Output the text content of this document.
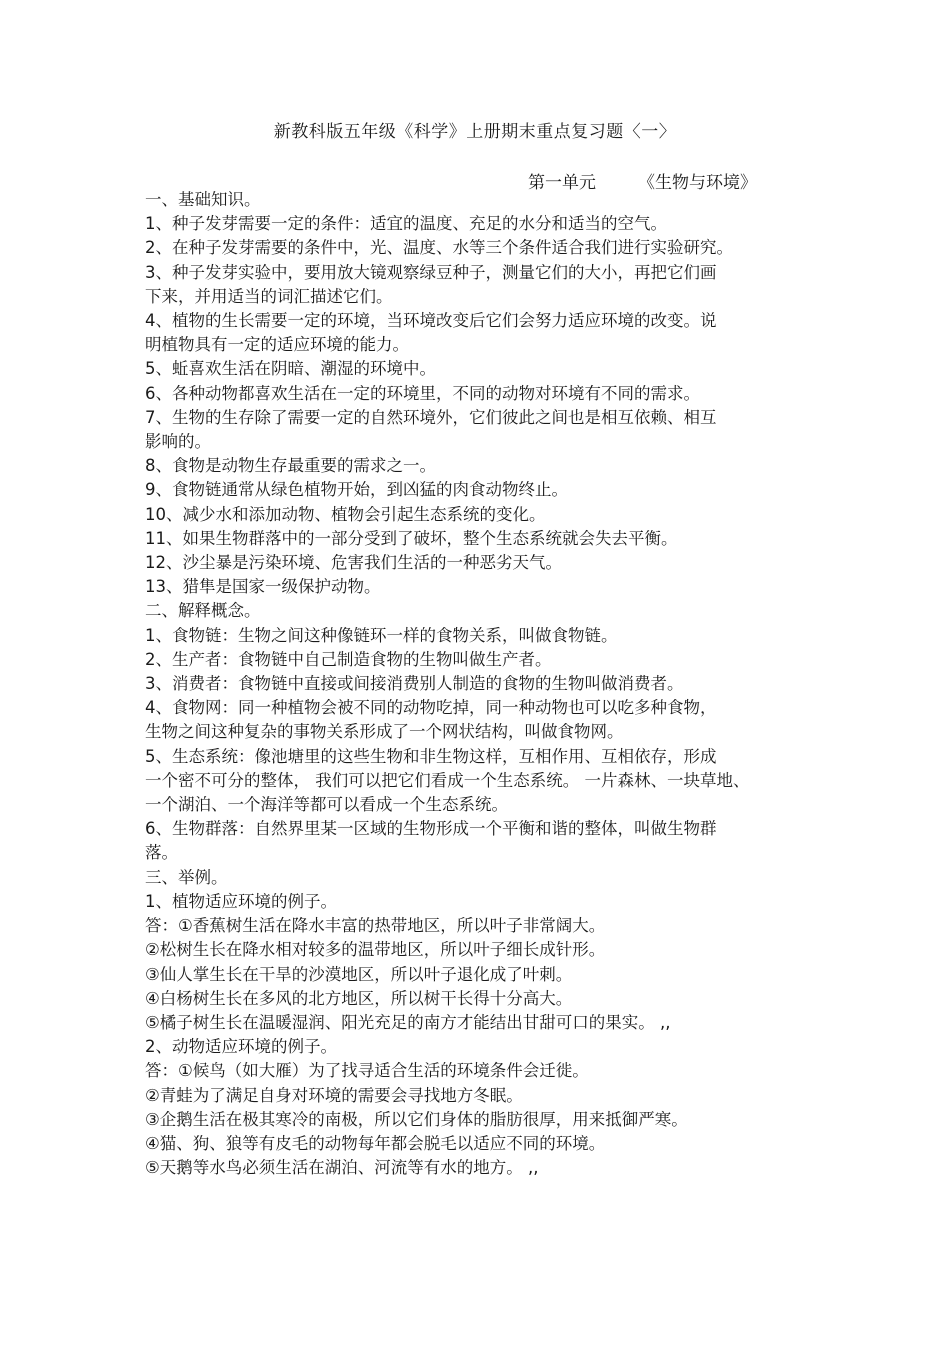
新教科版五年级《科学》上册期末重点复习题〈一〉
第一单元 《生物与环境》
一、基础知识。
1、种子发芽需要一定的条件：适宜的温度、充足的水分和适当的空气。
2、在种子发芽需要的条件中，光、温度、水等三个条件适合我们进行实验研究。
3、种子发芽实验中，要用放大镜观察绿豆种子，测量它们的大小，再把它们画
下来，并用适当的词汇描述它们。
4、植物的生长需要一定的环境，当环境改变后它们会努力适应环境的改变。说
明植物具有一定的适应环境的能力。
5、蚯喜欢生活在阴暗、潮湿的环境中。
6、各种动物都喜欢生活在一定的环境里，不同的动物对环境有不同的需求。
7、生物的生存除了需要一定的自然环境外，它们彼此之间也是相互依赖、相互
影响的。
8、食物是动物生存最重要的需求之一。
9、食物链通常从绿色植物开始，到凶猛的肉食动物终止。
10、减少水和添加动物、植物会引起生态系统的变化。
11、如果生物群落中的一部分受到了破坏，整个生态系统就会失去平衡。
12、沙尘暴是污染环境、危害我们生活的一种恶劣天气。
13、猎隼是国家一级保护动物。
二、解释概念。
1、食物链：生物之间这种像链环一样的食物关系，叫做食物链。
2、生产者：食物链中自己制造食物的生物叫做生产者。
3、消费者：食物链中直接或间接消费别人制造的食物的生物叫做消费者。
4、食物网：同一种植物会被不同的动物吃掉，同一种动物也可以吃多种食物，
生物之间这种复杂的事物关系形成了一个网状结构，叫做食物网。
5、生态系统：像池塘里的这些生物和非生物这样，互相作用、互相依存，形成
一个密不可分的整体， 我们可以把它们看成一个生态系统。 一片森林、一块草地、
一个湖泊、一个海洋等都可以看成一个生态系统。
6、生物群落：自然界里某一区域的生物形成一个平衡和谐的整体，叫做生物群
落。
三、举例。
1、植物适应环境的例子。
答：①香蕉树生活在降水丰富的热带地区，所以叶子非常阔大。
②松树生长在降水相对较多的温带地区，所以叶子细长成针形。
③仙人掌生长在干旱的沙漠地区，所以叶子退化成了叶刺。
④白杨树生长在多风的北方地区，所以树干长得十分高大。
⑤橘子树生长在温暖湿润、阳光充足的南方才能结出甘甜可口的果实。 ,,
2、动物适应环境的例子。
答：①候鸟（如大雁）为了找寻适合生活的环境条件会迁徙。
②青蛙为了满足自身对环境的需要会寻找地方冬眠。
③企鹅生活在极其寒冷的南极，所以它们身体的脂肪很厚，用来抵御严寒。
④猫、狗、狼等有皮毛的动物每年都会脱毛以适应不同的环境。
⑤天鹅等水鸟必须生活在湖泊、河流等有水的地方。 ,,
